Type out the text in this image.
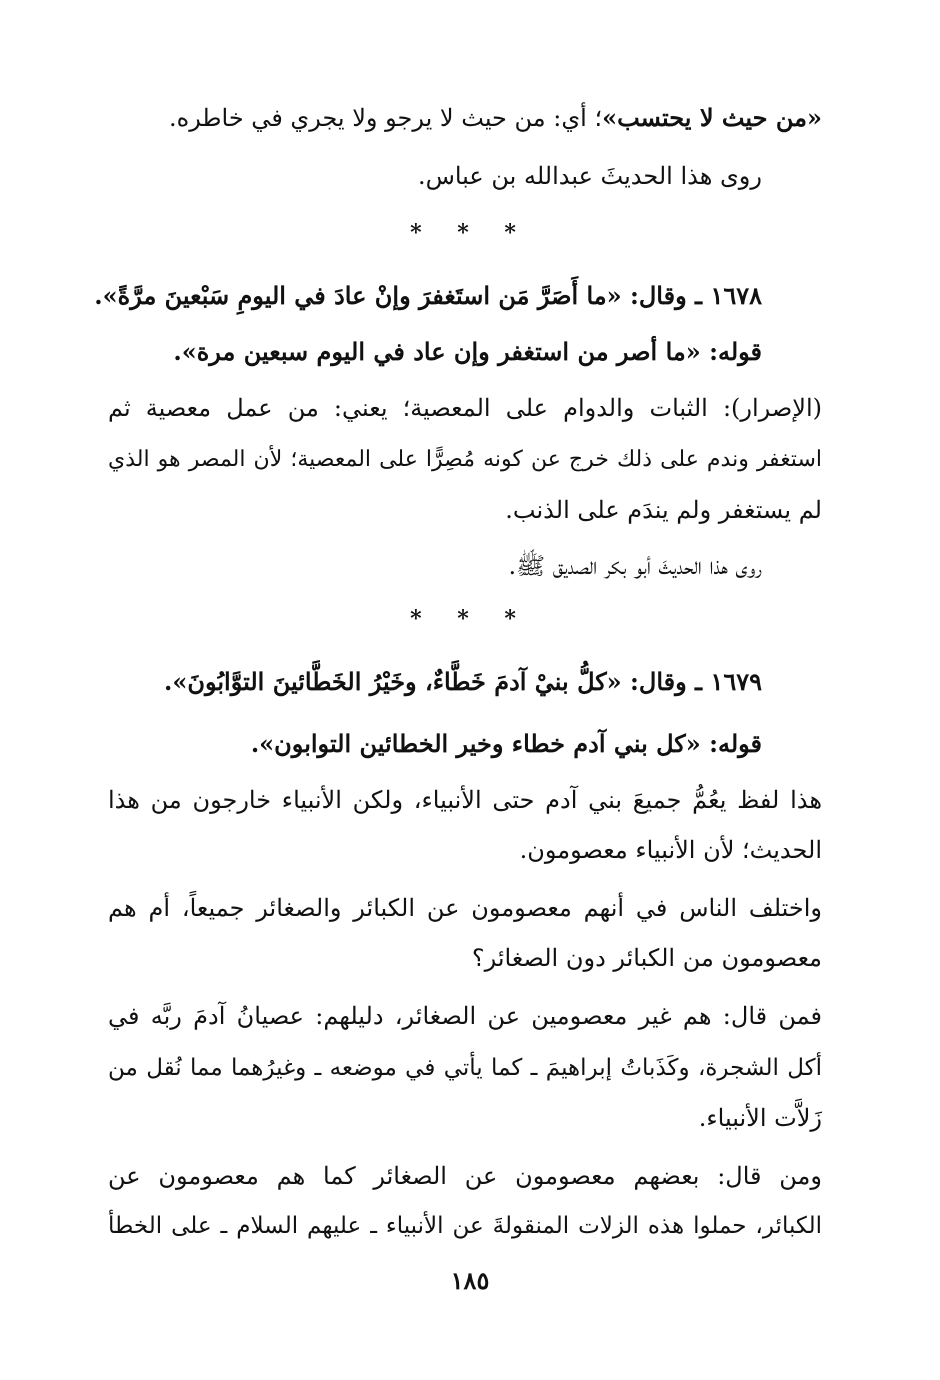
«من حيث لا يحتسب»؛ أي: من حيث لا يرجو ولا يجري في خاطره.
روى هذا الحديثَ عبدالله بن عباس.
* * *
١٦٧٨ ـ وقال: «ما أَصَرَّ مَن استَغفرَ وإنْ عادَ في اليومِ سَبْعينَ مرَّةً».
قوله: «ما أصر من استغفر وإن عاد في اليوم سبعين مرة».
(الإصرار): الثبات والدوام على المعصية؛ يعني: من عمل معصية ثم
استغفر وندم على ذلك خرج عن كونه مُصِرًّا على المعصية؛ لأن المصر هو الذي
لم يستغفر ولم يندَم على الذنب.
روى هذا الحديثَ أبو بكر الصديق ﷺ.
* * *
١٦٧٩ ـ وقال: «كلُّ بنيْ آدمَ خَطَّاءٌ، وخَيْرُ الخَطَّائينَ التوَّابُونَ».
قوله: «كل بني آدم خطاء وخير الخطائين التوابون».
هذا لفظ يعُمُّ جميعَ بني آدم حتى الأنبياء، ولكن الأنبياء خارجون من هذا
الحديث؛ لأن الأنبياء معصومون.
واختلف الناس في أنهم معصومون عن الكبائر والصغائر جميعاً، أم هم
معصومون من الكبائر دون الصغائر؟
فمن قال: هم غير معصومين عن الصغائر، دليلهم: عصيانُ آدمَ ربَّه في
أكل الشجرة، وكَذَباتُ إبراهيمَ ـ كما يأتي في موضعه ـ وغيرُهما مما نُقل من
زَلاَّت الأنبياء.
ومن قال: بعضهم معصومون عن الصغائر كما هم معصومون عن
الكبائر، حملوا هذه الزلات المنقولةَ عن الأنبياء ـ عليهم السلام ـ على الخطأ
١٨٥
